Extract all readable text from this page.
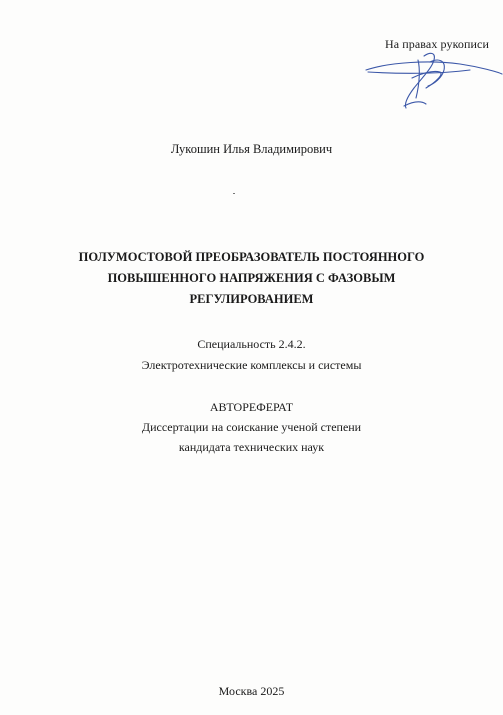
На правах рукописи
Лукошин Илья Владимирович
ПОЛУМОСТОВОЙ ПРЕОБРАЗОВАТЕЛЬ ПОСТОЯННОГО
ПОВЫШЕННОГО НАПРЯЖЕНИЯ С ФАЗОВЫМ
РЕГУЛИРОВАНИЕМ
Специальность 2.4.2.
Электротехнические комплексы и системы
АВТОРЕФЕРАТ
Диссертации на соискание ученой степени
кандидата технических наук
Москва 2025
